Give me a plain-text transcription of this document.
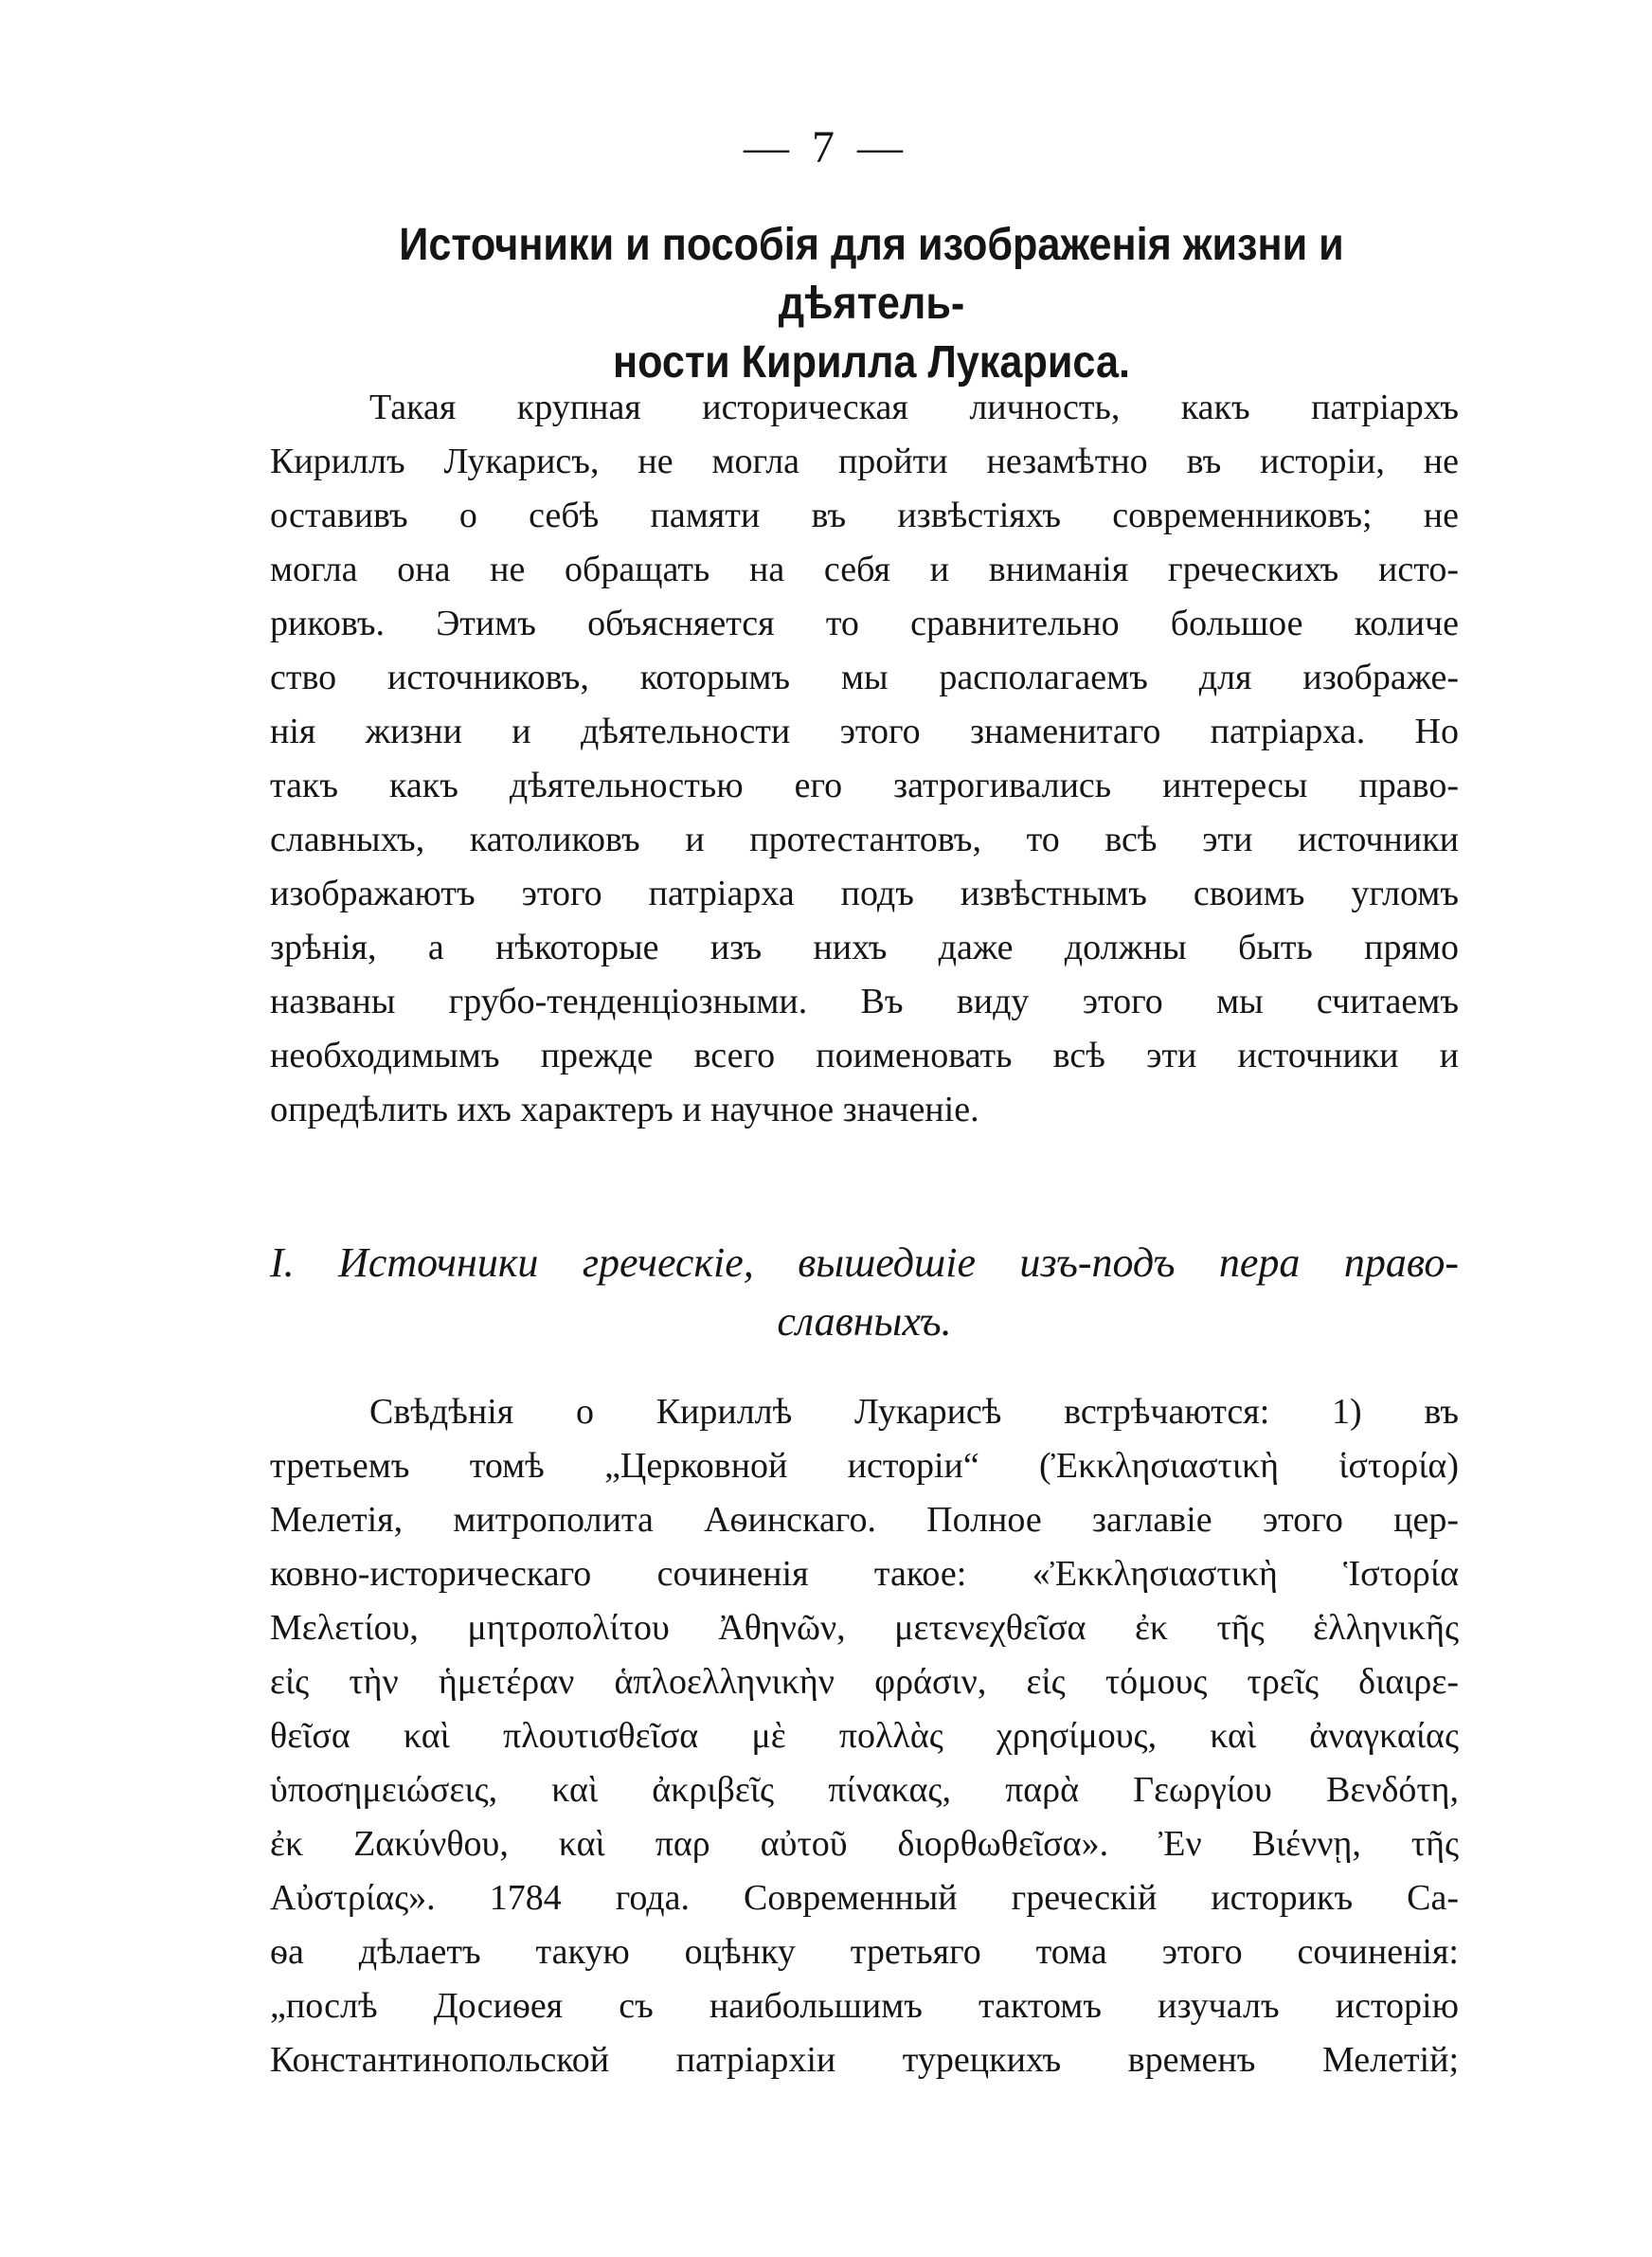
— 7 —
Источники и пособія для изображенія жизни и дѣятель-
ности Кирилла Лукариса.
Такая крупная историческая личность, какъ патріархъ
Кириллъ Лукарисъ, не могла пройти незамѣтно въ исторіи, не
оставивъ о себѣ памяти въ извѣстіяхъ современниковъ; не
могла она не обращать на себя и вниманія греческихъ исто-
риковъ. Этимъ объясняется то сравнительно большое количе
ство источниковъ, которымъ мы располагаемъ для изображе-
нія жизни и дѣятельности этого знаменитаго патріарха. Но
такъ какъ дѣятельностью его затрогивались интересы право-
славныхъ, католиковъ и протестантовъ, то всѣ эти источники
изображаютъ этого патріарха подъ извѣстнымъ своимъ угломъ
зрѣнія, а нѣкоторые изъ нихъ даже должны быть прямо
названы грубо-тенденціозными. Въ виду этого мы считаемъ
необходимымъ прежде всего поименовать всѣ эти источники и
опредѣлить ихъ характеръ и научное значеніе.
I. Источники греческіе, вышедшіе изъ-подъ пера право-
славныхъ.
Свѣдѣнія о Кириллѣ Лукарисѣ встрѣчаются: 1) въ
третьемъ томѣ „Церковной исторіи“ (Ἐκκλησιαστικὴ ἱστορία)
Мелетія, митрополита Аѳинскаго. Полное заглавіе этого цер-
ковно-историческаго сочиненія такое: «Ἐκκλησιαστικὴ Ἱστορία
Μελετίου, μητροπολίτου Ἀθηνῶν, μετενεχθεῖσα ἐκ τῆς ἑλληνικῆς
εἰς τὴν ἡμετέραν ἁπλοελληνικὴν φράσιν, εἰς τόμους τρεῖς διαιρε-
θεῖσα καὶ πλουτισθεῖσα μὲ πολλὰς χρησίμους, καὶ ἀναγκαίας
ὑποσημειώσεις, καὶ ἀκριβεῖς πίνακας, παρὰ Γεωργίου Βενδότη,
ἐκ Ζακύνθου, καὶ παρ αὐτοῦ διορθωθεῖσα». Ἐν Βιέννῃ, τῆς
Αὐστρίας». 1784 года. Современный греческій историкъ Са-
ѳа дѣлаетъ такую оцѣнку третьяго тома этого сочиненія:
„послѣ Досиѳея съ наибольшимъ тактомъ изучалъ исторію
Константинопольской патріархіи турецкихъ временъ Мелетій;
